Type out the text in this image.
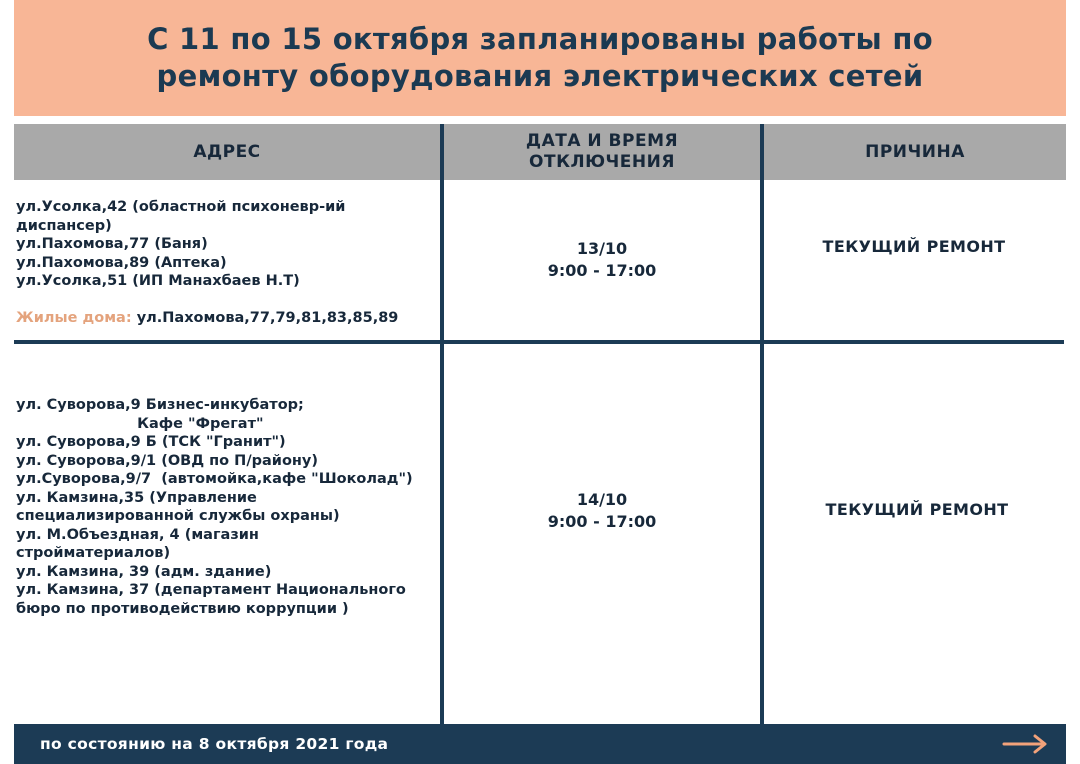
С 11 по 15 октября запланированы работы по
ремонту оборудования электрических сетей
АДРЕС
ДАТА И ВРЕМЯ
ОТКЛЮЧЕНИЯ
ПРИЧИНА
ул.Усолка,42 (областной психоневр-ий
диспансер)
ул.Пахомова,77 (Баня)
ул.Пахомова,89 (Аптека)
ул.Усолка,51 (ИП Манахбаев Н.Т)
Жилые дома: ул.Пахомова,77,79,81,83,85,89
13/10
9:00 - 17:00
ТЕКУЩИЙ РЕМОНТ
ул. Суворова,9 Бизнес-инкубатор;
Кафе "Фрегат"
ул. Суворова,9 Б (ТСК "Гранит")
ул. Суворова,9/1 (ОВД по П/району)
ул.Суворова,9/7  (автомойка,кафе "Шоколад")
ул. Камзина,35 (Управление
специализированной службы охраны)
ул. М.Объездная, 4 (магазин
стройматериалов)
ул. Камзина, 39 (адм. здание)
ул. Камзина, 37 (департамент Национального
бюро по противодействию коррупции )
14/10
9:00 - 17:00
ТЕКУЩИЙ РЕМОНТ
по состоянию на 8 октября 2021 года
